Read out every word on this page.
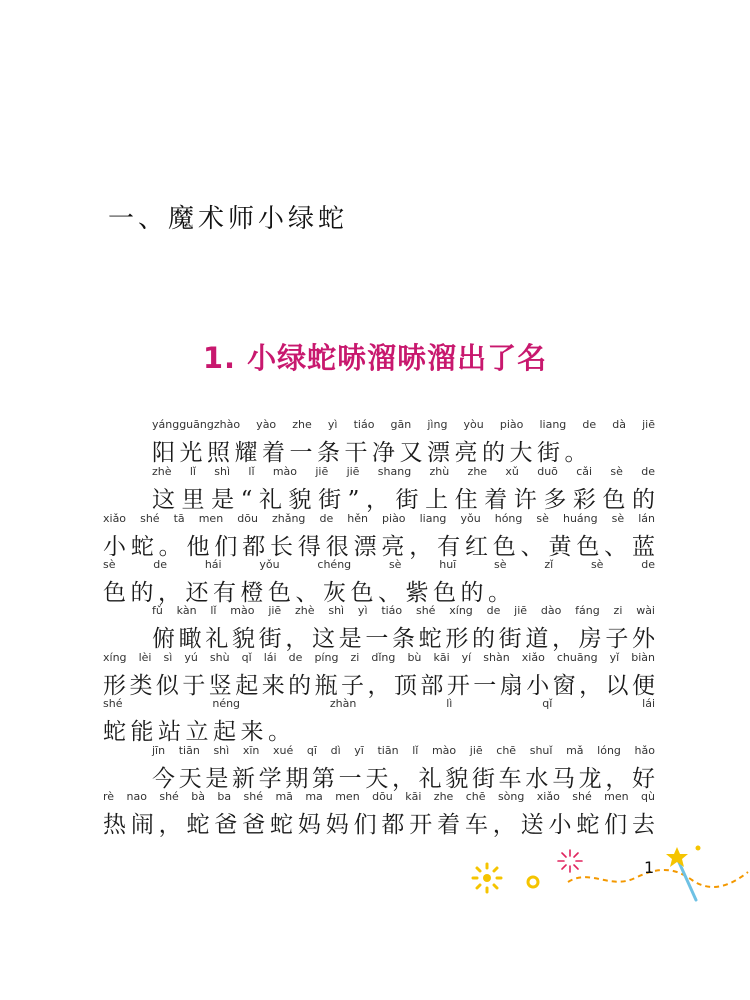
一、魔术师小绿蛇
1. 小绿蛇哧溜哧溜出了名
yángguāngzhào yào zhe yì tiáo gān jìng yòu piào liang de dà jiē
阳光照耀着一条干净又漂亮的大街。
zhè lǐ shì lǐ mào jiē jiē shang zhù zhe xǔ duō cǎi sè de
这里是“礼貌街”，街上住着许多彩色的
xiǎo shé tā men dōu zhǎng de hěn piào liang yǒu hóng sè huáng sè lán
小蛇。他们都长得很漂亮，有红色、黄色、蓝
sè de hái yǒu chéng sè huī sè zǐ sè de
色的，还有橙色、灰色、紫色的。
fǔ kàn lǐ mào jiē zhè shì yì tiáo shé xíng de jiē dào fáng zi wài
俯瞰礼貌街，这是一条蛇形的街道，房子外
xíng lèi sì yú shù qǐ lái de píng zi dǐng bù kāi yí shàn xiǎo chuāng yǐ biàn
形类似于竖起来的瓶子，顶部开一扇小窗，以便
shé néng zhàn lì qǐ lái
蛇能站立起来。
jīn tiān shì xīn xué qī dì yī tiān lǐ mào jiē chē shuǐ mǎ lóng hǎo
今天是新学期第一天，礼貌街车水马龙，好
rè nao shé bà ba shé mā ma men dōu kāi zhe chē sòng xiǎo shé men qù
热闹，蛇爸爸蛇妈妈们都开着车，送小蛇们去
1
